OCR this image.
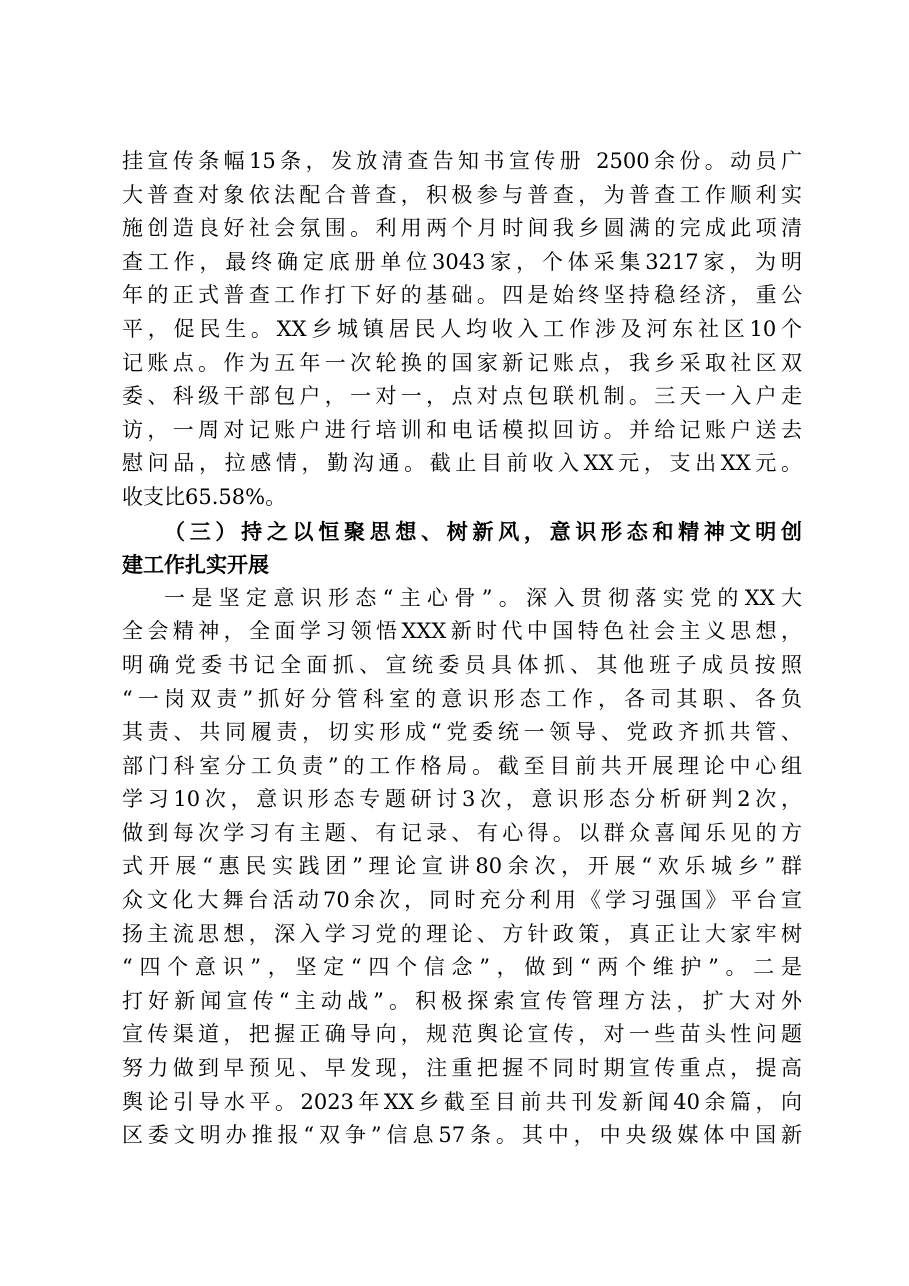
挂宣传条幅15条，发放清查告知书宣传册 2500余份。动员广
大普查对象依法配合普查，积极参与普查，为普查工作顺利实
施创造良好社会氛围。利用两个月时间我乡圆满的完成此项清
查工作，最终确定底册单位3043家，个体采集3217家，为明
年的正式普查工作打下好的基础。四是始终坚持稳经济，重公
平，促民生。XX乡城镇居民人均收入工作涉及河东社区10个
记账点。作为五年一次轮换的国家新记账点，我乡采取社区双
委、科级干部包户，一对一，点对点包联机制。三天一入户走
访，一周对记账户进行培训和电话模拟回访。并给记账户送去
慰问品，拉感情，勤沟通。截止目前收入XX元，支出XX元。
收支比65.58%。
（三）持之以恒聚思想、树新风，意识形态和精神文明创
建工作扎实开展
一是坚定意识形态“主心骨”。深入贯彻落实党的XX大
全会精神，全面学习领悟XXX新时代中国特色社会主义思想，
明确党委书记全面抓、宣统委员具体抓、其他班子成员按照
“一岗双责”抓好分管科室的意识形态工作，各司其职、各负
其责、共同履责，切实形成“党委统一领导、党政齐抓共管、
部门科室分工负责”的工作格局。截至目前共开展理论中心组
学习10次，意识形态专题研讨3次，意识形态分析研判2次，
做到每次学习有主题、有记录、有心得。以群众喜闻乐见的方
式开展“惠民实践团”理论宣讲80余次，开展“欢乐城乡”群
众文化大舞台活动70余次，同时充分利用《学习强国》平台宣
扬主流思想，深入学习党的理论、方针政策，真正让大家牢树
“四个意识”，坚定“四个信念”，做到“两个维护”。二是
打好新闻宣传“主动战”。积极探索宣传管理方法，扩大对外
宣传渠道，把握正确导向，规范舆论宣传，对一些苗头性问题
努力做到早预见、早发现，注重把握不同时期宣传重点，提高
舆论引导水平。2023年XX乡截至目前共刊发新闻40余篇，向
区委文明办推报“双争”信息57条。其中，中央级媒体中国新
